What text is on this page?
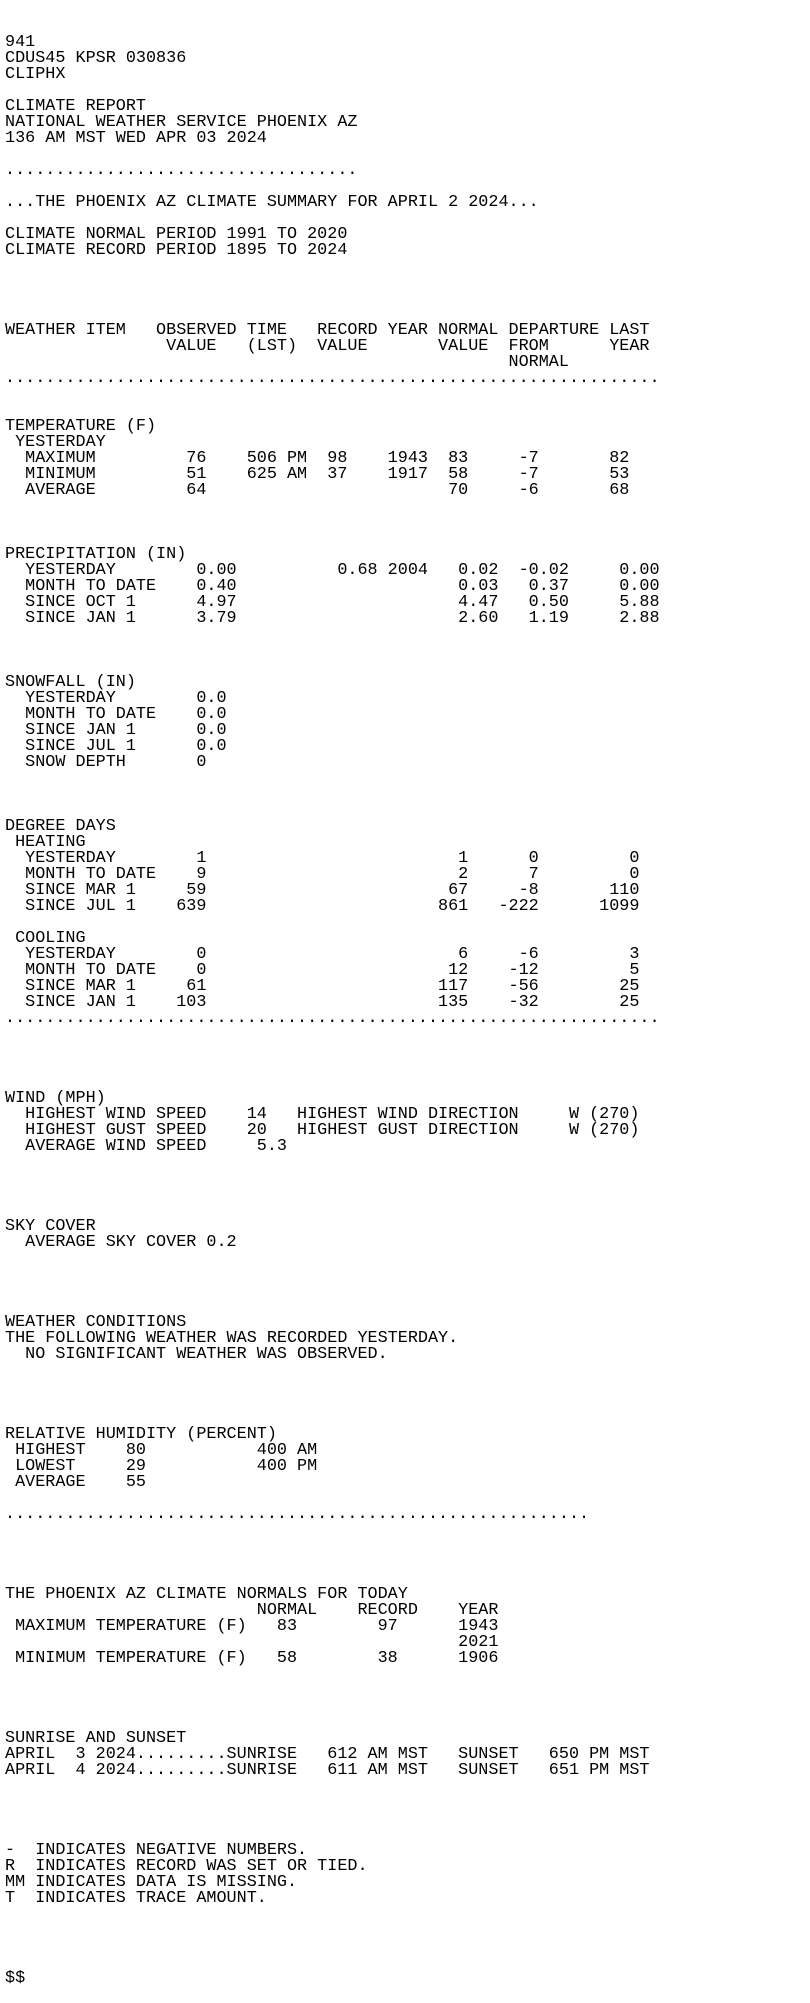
941
CDUS45 KPSR 030836
CLIPHX
CLIMATE REPORT
NATIONAL WEATHER SERVICE PHOENIX AZ
136 AM MST WED APR 03 2024
...................................
...THE PHOENIX AZ CLIMATE SUMMARY FOR APRIL 2 2024...
CLIMATE NORMAL PERIOD 1991 TO 2020
CLIMATE RECORD PERIOD 1895 TO 2024

WEATHER ITEM   OBSERVED TIME   RECORD YEAR NORMAL DEPARTURE LAST
VALUE   (LST)  VALUE       VALUE  FROM      YEAR
NORMAL
.................................................................

TEMPERATURE (F)
YESTERDAY
MAXIMUM         76    506 PM  98    1943  83     -7       82
MINIMUM         51    625 AM  37    1917  58     -7       53
AVERAGE         64                        70     -6       68

PRECIPITATION (IN)
YESTERDAY        0.00          0.68 2004   0.02  -0.02     0.00
MONTH TO DATE    0.40                      0.03   0.37     0.00
SINCE OCT 1      4.97                      4.47   0.50     5.88
SINCE JAN 1      3.79                      2.60   1.19     2.88

SNOWFALL (IN)
YESTERDAY        0.0
MONTH TO DATE    0.0
SINCE JAN 1      0.0
SINCE JUL 1      0.0
SNOW DEPTH       0

DEGREE DAYS
HEATING
YESTERDAY        1                         1      0         0
MONTH TO DATE    9                         2      7         0
SINCE MAR 1     59                        67     -8       110
SINCE JUL 1    639                       861   -222      1099
COOLING
YESTERDAY        0                         6     -6         3
MONTH TO DATE    0                        12    -12         5
SINCE MAR 1     61                       117    -56        25
SINCE JAN 1    103                       135    -32        25
.................................................................

WIND (MPH)
HIGHEST WIND SPEED    14   HIGHEST WIND DIRECTION     W (270)
HIGHEST GUST SPEED    20   HIGHEST GUST DIRECTION     W (270)
AVERAGE WIND SPEED     5.3

SKY COVER
AVERAGE SKY COVER 0.2

WEATHER CONDITIONS
THE FOLLOWING WEATHER WAS RECORDED YESTERDAY.
NO SIGNIFICANT WEATHER WAS OBSERVED.

RELATIVE HUMIDITY (PERCENT)
HIGHEST    80           400 AM
LOWEST     29           400 PM
AVERAGE    55
..........................................................

THE PHOENIX AZ CLIMATE NORMALS FOR TODAY
NORMAL    RECORD    YEAR
MAXIMUM TEMPERATURE (F)   83        97      1943
2021
MINIMUM TEMPERATURE (F)   58        38      1906

SUNRISE AND SUNSET
APRIL  3 2024.........SUNRISE   612 AM MST   SUNSET   650 PM MST
APRIL  4 2024.........SUNRISE   611 AM MST   SUNSET   651 PM MST

-  INDICATES NEGATIVE NUMBERS.
R  INDICATES RECORD WAS SET OR TIED.
MM INDICATES DATA IS MISSING.
T  INDICATES TRACE AMOUNT.
$$
